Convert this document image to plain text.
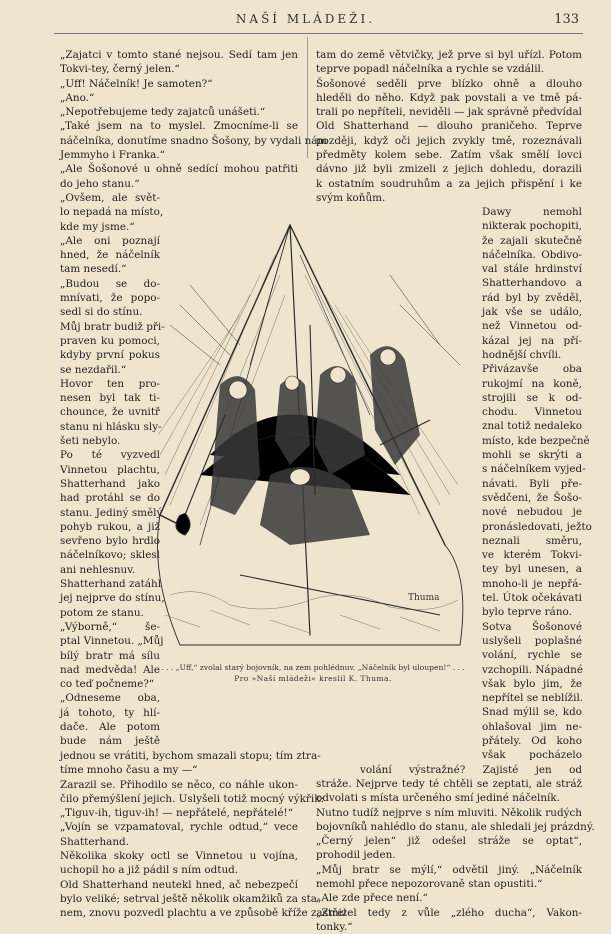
NAŠÍ MLÁDEŽI.	133
„Zajatci v tomto stané nejsou. Sedí tam jen
Tokvi-tey, černý jelen.“
„Uff! Náčelník! Je samoten?“
„Ano.“
„Nepotřebujeme tedy zajatců unášeti.“
„Také jsem na to myslel. Zmocníme-li se
náčelníka, donutíme snadno Šošony, by vydali nám
Jemmyho i Franka.“
„Ale Šošonové u ohně sedící mohou patřiti
do jeho stanu.“
„Ovšem, ale svět-
lo nepadá na místo,
kde my jsme.“
„Ale oni poznají
hned, že náčelník
tam nesedí.“
„Budou se do-
mnívati, že popo-
sedl si do stínu.
Můj bratr budiž při-
praven ku pomoci,
kdyby první pokus
se nezdařil.“
Hovor ten pro-
nesen byl tak ti-
chounce, že uvnitř
stanu ni hlásku sly-
šeti nebylo.
Po té vyzvedl
Vinnetou plachtu,
Shatterhand jako
had protáhl se do
stanu. Jediný smělý
pohyb rukou, a již
sevřeno bylo hrdlo
náčelníkovo; sklesl
ani nehlesnuv.
Shatterhand zatáhl
jej nejprve do stínu,
potom ze stanu.
„Výborně,“ še-
ptal Vinnetou. „Můj
bílý bratr má sílu
nad medvěda! Ale
co teď počneme?“
„Odneseme oba,
já tohoto, ty hlí-
dače. Ale potom
bude nám ještě
jednou se vrátiti, bychom smazali stopu; tím ztra-
tíme mnoho času a my —“
Zarazil se. Přihodilo se něco, co náhle ukon-
čilo přemýšlení jejich. Uslyšeli totiž mocný výkřik:
„Tiguv-ih, tiguv-ih! — nepřátelé, nepřátelé!“
„Vojín se vzpamatoval, rychle odtud,“ vece
Shatterhand.
Několika skoky octl se Vinnetou u vojína,
uchopil ho a již pádil s ním odtud.
Old Shatterhand neutekl hned, ač nebezpečí
bylo veliké; setrval ještě několik okamžiků za sta-
nem, znovu pozvedl plachtu a ve způsobě kříže zastřel
tam do země větvičky, jež prve si byl uřízl. Potom
teprve popadl náčelníka a rychle se vzdálil.
Šošonové seděli prve blízko ohně a dlouho
hleděli do něho. Když pak povstali a ve tmě pá-
trali po nepříteli, neviděli — jak správně předvídal
Old Shatterhand — dlouho praničeho. Teprve
později, když oči jejich zvykly tmě, rozeznávali
předměty kolem sebe. Zatím však smělí lovci
dávno již byli zmizeli z jejich dohledu, dorazili
k ostatním soudruhům a za jejich přispění i ke
svým koňům.
Dawy nemohl
nikterak pochopiti,
že zajali skutečně
náčelníka. Obdivo-
val stále hrdinství
Shatterhandovo a
rád byl by zvěděl,
jak vše se událo,
než Vinnetou od-
kázal jej na pří-
hodnější chvíli.
Přivázavše oba
rukojmí na koně,
strojili se k od-
chodu. Vinnetou
znal totiž nedaleko
místo, kde bezpečně
mohli se skrýti a
s náčelníkem vyjed-
návati. Byli pře-
svědčeni, že Šošo-
nové nebudou je
pronásledovati, ježto
neznali směru,
ve kterém Tokvi-
tey byl unesen, a
mnoho-li je nepřá-
tel. Útok očekávati
bylo teprve ráno.
Sotva Šošonové
uslyšeli poplašné
volání, rychle se
vzchopili. Nápadné
však bylo jim, že
nepřítel se neblížil.
Snad mýlil se, kdo
ohlašoval jim ne-
přátely. Od koho
však pocházelo
volání výstražné? Zajisté jen od
stráže. Nejprve tedy té chtěli se zeptati, ale stráž
odvolati s místa určeného smí jediné náčelník.
Nutno tudíž nejprve s ním mluviti. Několik rudých
bojovníků nahlédlo do stanu, ale shledali jej prázdný.
„Černý jelen“ již odešel stráže se optat“,
prohodil jeden.
„Můj bratr se mýlí,“ odvětil jiný. „Náčelník
nemohl přece nepozorovaně stan opustiti.“
„Ale zde přece není.“
„Zmizel tedy z vůle „zlého ducha“, Vakon-
tonky.“
Thuma
. . . „Uff,“ zvolal starý bojovník, na zem pohlédnuv. „Náčelník byl uloupen!“ . . .
Pro »Naší mládeži« kreslil K. Thuma.
